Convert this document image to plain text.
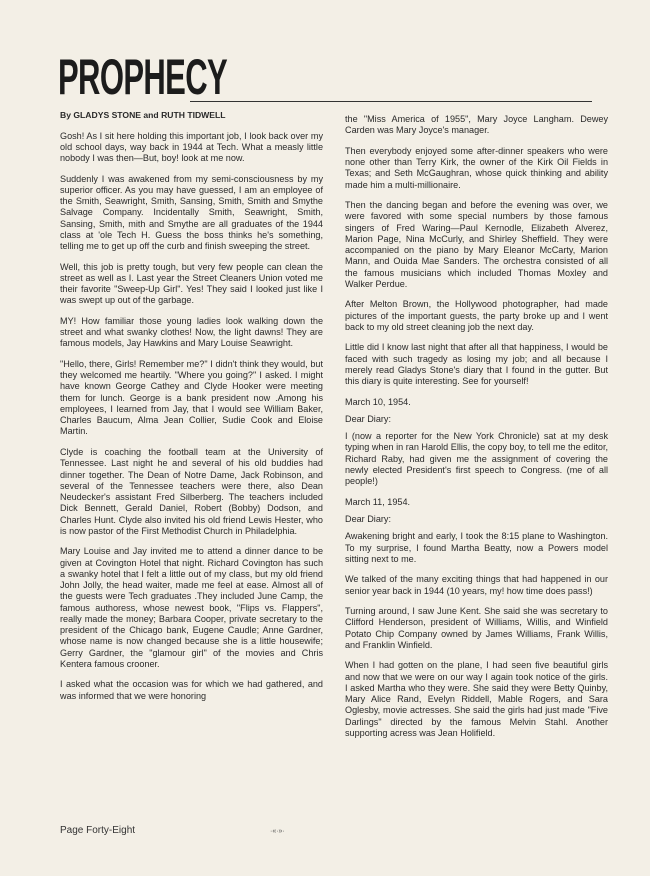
PROPHECY

By GLADYS STONE and RUTH TIDWELL

Gosh! As I sit here holding this important job, I look back over my old school days, way back in 1944 at Tech. What a measly little nobody I was then—But, boy! look at me now.

Suddenly I was awakened from my semi-consciousness by my superior officer. As you may have guessed, I am an employee of the Smith, Seawright, Smith, Sansing, Smith, Smith and Smythe Salvage Company. Incidentally Smith, Seawright, Smith, Sansing, Smith, mith and Smythe are all graduates of the 1944 class at 'ole Tech H. Guess the boss thinks he's something, telling me to get up off the curb and finish sweeping the street.

Well, this job is pretty tough, but very few people can clean the street as well as I. Last year the Street Cleaners Union voted me their favorite "Sweep-Up Girl". Yes! They said I looked just like I was swept up out of the garbage.

MY! How familiar those young ladies look walking down the street and what swanky clothes! Now, the light dawns! They are famous models, Jay Hawkins and Mary Louise Seawright.

"Hello, there, Girls! Remember me?" I didn't think they would, but they welcomed me heartily. "Where you going?" I asked. I might have known George Cathey and Clyde Hooker were meeting them for lunch. George is a bank president now .Among his employees, I learned from Jay, that I would see William Baker, Charles Baucum, Alma Jean Collier, Sudie Cook and Eloise Martin.

Clyde is coaching the football team at the University of Tennessee. Last night he and several of his old buddies had dinner together. The Dean of Notre Dame, Jack Robinson, and several of the Tennessee teachers were there, also Dean Neudecker's assistant Fred Silberberg. The teachers included Dick Bennett, Gerald Daniel, Robert (Bobby) Dodson, and Charles Hunt. Clyde also invited his old friend Lewis Hester, who is now pastor of the First Methodist Church in Philadelphia.

Mary Louise and Jay invited me to attend a dinner dance to be given at Covington Hotel that night. Richard Covington has such a swanky hotel that I felt a little out of my class, but my old friend John Jolly, the head waiter, made me feel at ease. Almost all of the guests were Tech graduates .They included June Camp, the famous authoress, whose newest book, "Flips vs. Flappers", really made the money; Barbara Cooper, private secretary to the president of the Chicago bank, Eugene Caudle; Anne Gardner, whose name is now changed because she is a little housewife; Gerry Gardner, the "glamour girl" of the movies and Chris Kentera famous crooner.

I asked what the occasion was for which we had gathered, and was informed that we were honoring

the "Miss America of 1955", Mary Joyce Langham. Dewey Carden was Mary Joyce's manager.

Then everybody enjoyed some after-dinner speakers who were none other than Terry Kirk, the owner of the Kirk Oil Fields in Texas; and Seth McGaughran, whose quick thinking and ability made him a multi-millionaire.

Then the dancing began and before the evening was over, we were favored with some special numbers by those famous singers of Fred Waring—Paul Kernodle, Elizabeth Alverez, Marion Page, Nina McCurly, and Shirley Sheffield. They were accompanied on the piano by Mary Eleanor McCarty, Marion Mann, and Ouida Mae Sanders. The orchestra consisted of all the famous musicians which included Thomas Moxley and Walker Perdue.

After Melton Brown, the Hollywood photographer, had made pictures of the important guests, the party broke up and I went back to my old street cleaning job the next day.

Little did I know last night that after all that happiness, I would be faced with such tragedy as losing my job; and all because I merely read Gladys Stone's diary that I found in the gutter. But this diary is quite interesting. See for yourself!

March 10, 1954.

Dear Diary:

I (now a reporter for the New York Chronicle) sat at my desk typing when in ran Harold Ellis, the copy boy, to tell me the editor, Richard Raby, had given me the assignment of covering the newly elected President's first speech to Congress. (me of all people!)

March 11, 1954.

Dear Diary:

Awakening bright and early, I took the 8:15 plane to Washington. To my surprise, I found Martha Beatty, now a Powers model sitting next to me.

We talked of the many exciting things that had happened in our senior year back in 1944 (10 years, my! how time does pass!)

Turning around, I saw June Kent. She said she was secretary to Clifford Henderson, president of Williams, Willis, and Winfield Potato Chip Company owned by James Williams, Frank Willis, and Franklin Winfield.

When I had gotten on the plane, I had seen five beautiful girls and now that we were on our way I again took notice of the girls. I asked Martha who they were. She said they were Betty Quinby, Mary Alice Rand, Evelyn Riddell, Mable Rogers, and Sara Oglesby, movie actresses. She said the girls had just made "Five Darlings" directed by the famous Melvin Stahl. Another supporting acress was Jean Holifield.

Page Forty-Eight	·«·»·
